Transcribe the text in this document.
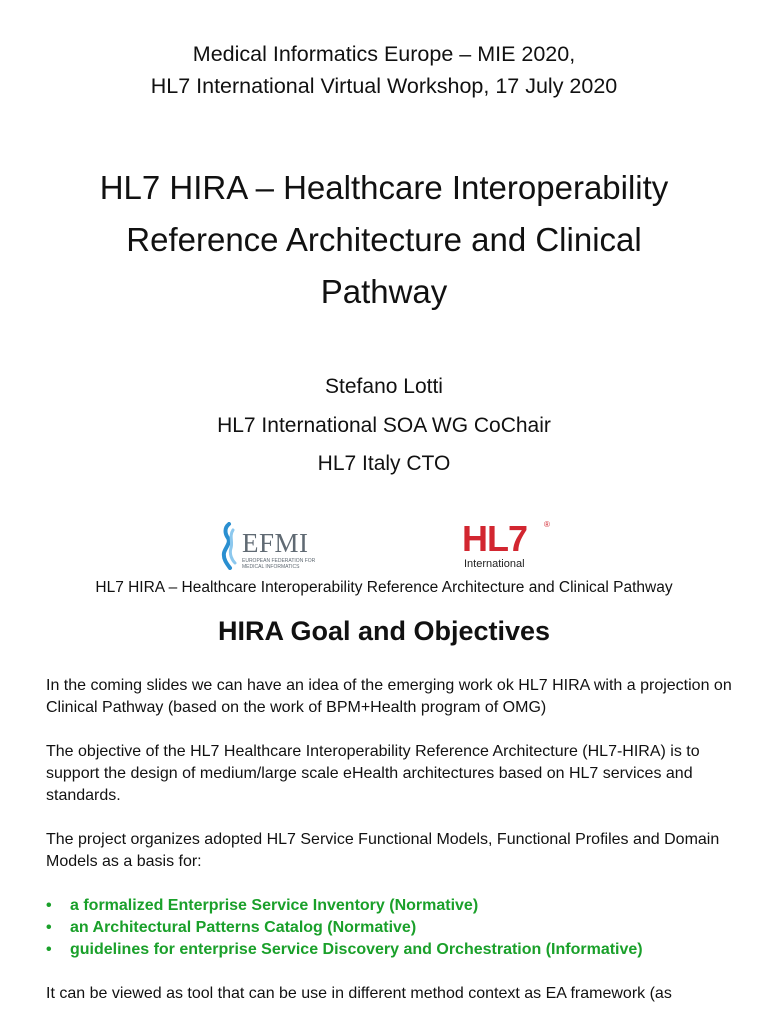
Medical Informatics Europe – MIE 2020,
HL7 International Virtual Workshop, 17 July 2020
HL7 HIRA – Healthcare Interoperability
Reference Architecture and Clinical
Pathway
Stefano Lotti
HL7 International SOA WG CoChair
HL7 Italy CTO
EFMI
EUROPEAN FEDERATION FOR MEDICAL INFORMATICS
HL7 ®
International
HL7 HIRA – Healthcare Interoperability Reference Architecture and Clinical Pathway
HIRA Goal and Objectives

In the coming slides we can have an idea of the emerging work ok HL7 HIRA with a projection on Clinical Pathway (based on the work of BPM+Health program of OMG)

The objective of the HL7 Healthcare Interoperability Reference Architecture (HL7-HIRA) is to support the design of medium/large scale eHealth architectures based on HL7 services and standards.

The project organizes adopted HL7 Service Functional Models, Functional Profiles and Domain Models as a basis for:

• a formalized Enterprise Service Inventory (Normative)
• an Architectural Patterns Catalog (Normative)
• guidelines for enterprise Service Discovery and Orchestration (Informative)

It can be viewed as tool that can be use in different method context as EA framework (as
